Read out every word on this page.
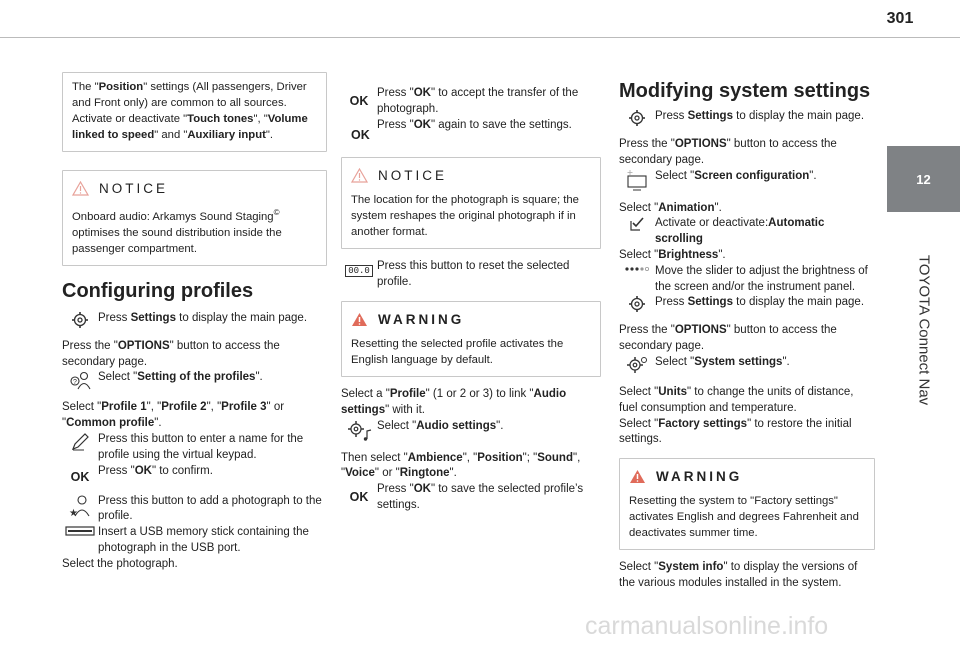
301
12
TOYOTA Connect Nav

The "Position" settings (All passengers, Driver and Front only) are common to all sources.
Activate or deactivate "Touch tones", "Volume linked to speed" and "Auxiliary input".

NOTICE

Onboard audio: Arkamys Sound Staging© optimises the sound distribution inside the passenger compartment.

Configuring profiles

Press Settings to display the main page.

Press the "OPTIONS" button to access the secondary page.

? Select "Setting of the profiles".

Select "Profile 1", "Profile 2", "Profile 3" or "Common profile".

Press this button to enter a name for the profile using the virtual keypad.

OK Press "OK" to confirm.

★

Press this button to add a photograph to the profile.

Insert a USB memory stick containing the photograph in the USB port.

Select the photograph.

OK

Press "OK" to accept the transfer of the photograph.
Press "OK" again to save the settings.

OK
NOTICE

The location for the photograph is square; the system reshapes the original photograph if in another format.

00.0 Press this button to reset the selected profile.

WARNING

Resetting the selected profile activates the English language by default.

Select a "Profile" (1 or 2 or 3) to link "Audio settings" with it.

Select "Audio settings".

Then select "Ambience", "Position"; "Sound", "Voice" or "Ringtone".

OK

Press "OK" to save the selected profile’s settings.

Modifying system settings

Press Settings to display the main page.

Press the "OPTIONS" button to access the secondary page.

Select "Screen configuration".

Select "Animation".

Activate or deactivate:Automatic scrolling

Select "Brightness".

Move the slider to adjust the brightness of the screen and/or the instrument panel.

Press Settings to display the main page.

Press the "OPTIONS" button to access the secondary page.

Select "System settings".

Select "Units" to change the units of distance, fuel consumption and temperature.
Select "Factory settings" to restore the initial settings.

WARNING

Resetting the system to "Factory settings" activates English and degrees Fahrenheit and deactivates summer time.

Select "System info" to display the versions of the various modules installed in the system.

carmanualsonline.info
